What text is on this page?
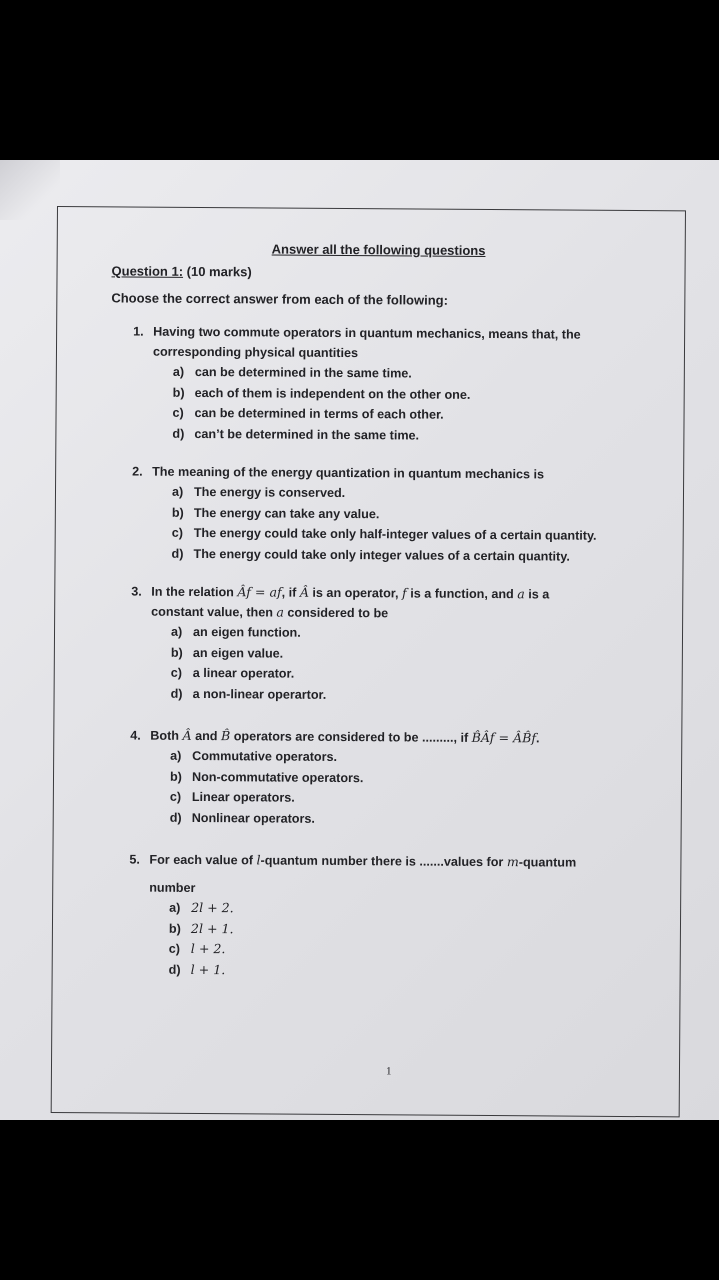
Answer all the following questions
Question 1: (10 marks)
Choose the correct answer from each of the following:
1. Having two commute operators in quantum mechanics, means that, the
corresponding physical quantities
a) can be determined in the same time.
b) each of them is independent on the other one.
c) can be determined in terms of each other.
d) can’t be determined in the same time.
2. The meaning of the energy quantization in quantum mechanics is
a) The energy is conserved.
b) The energy can take any value.
c) The energy could take only half-integer values of a certain quantity.
d) The energy could take only integer values of a certain quantity.
3. In the relation Âf = af, if Â is an operator, f is a function, and a is a
constant value, then a considered to be
a) an eigen function.
b) an eigen value.
c) a linear operator.
d) a non-linear operartor.
4. Both Â and B̂ operators are considered to be ........., if B̂Âf = ÂB̂f.
a) Commutative operators.
b) Non-commutative operators.
c) Linear operators.
d) Nonlinear operators.
5. For each value of l-quantum number there is .......values for m-quantum
number
a) 2l + 2.
b) 2l + 1.
c) l + 2.
d) l + 1.
1
